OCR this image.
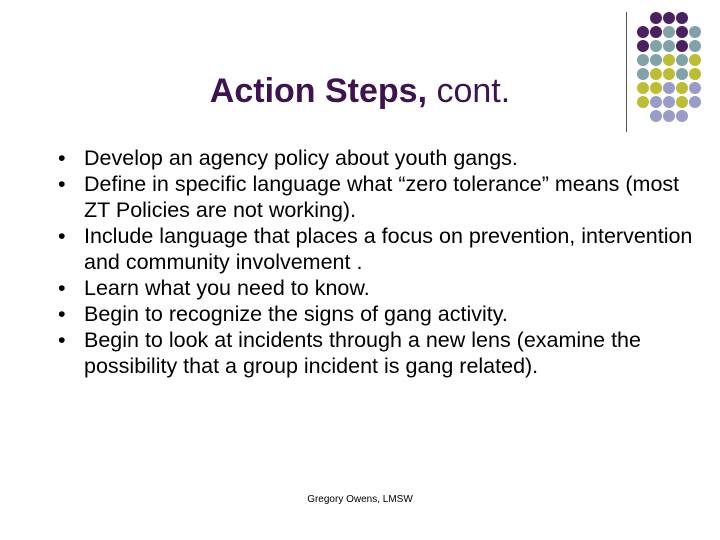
Action Steps, cont.
• Develop an agency policy about youth gangs.
• Define in specific language what “zero tolerance” means (most ZT Policies are not working).
• Include language that places a focus on prevention, intervention and community involvement .
• Learn what you need to know.
• Begin to recognize the signs of gang activity.
• Begin to look at incidents through a new lens (examine the possibility that a group incident is gang related).
Gregory Owens, LMSW
